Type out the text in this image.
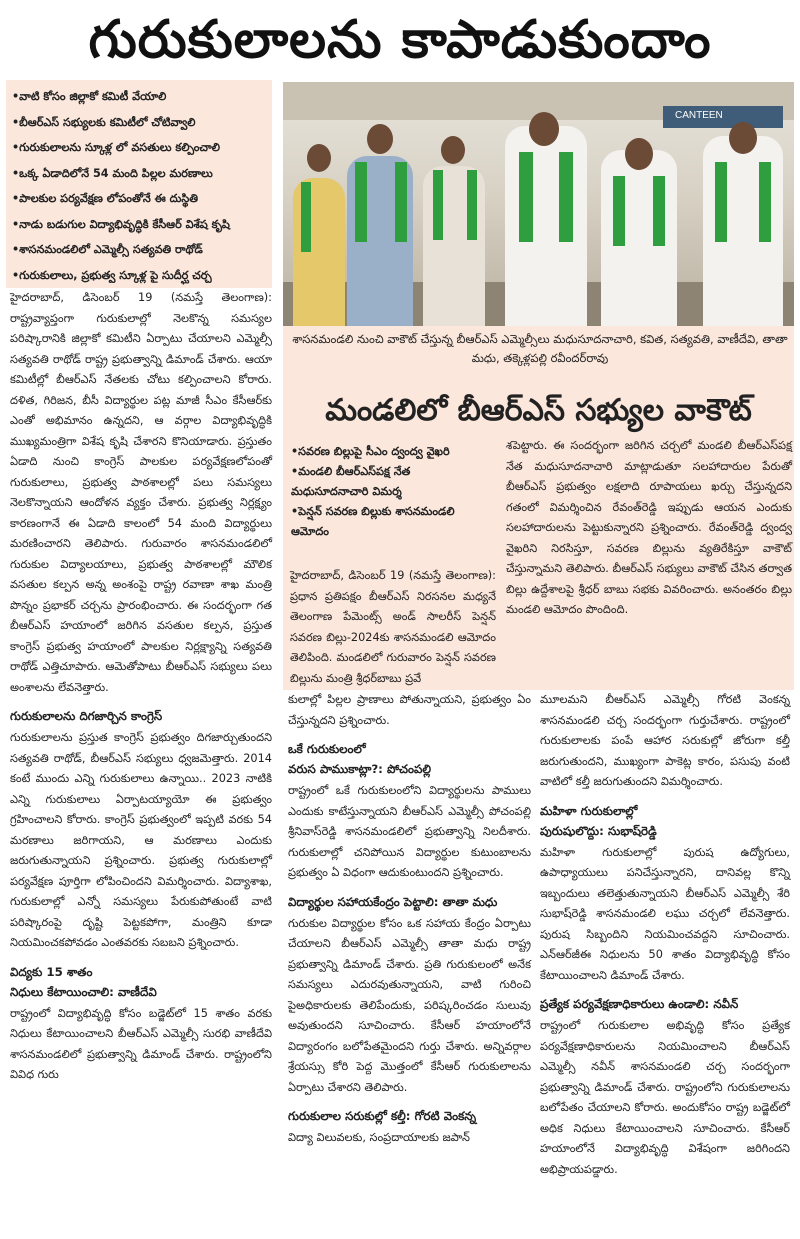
గురుకులాలను కాపాడుకుందాం
• వాటి కోసం జిల్లాకో కమిటీ వేయాలి
• బీఆర్ఎస్ సభ్యులకు కమిటీలో చోటివ్వాలి
• గురుకులాలను స్కూళ్ల లో వసతులు కల్పించాలి
• ఒక్క ఏడాదిలోనే 54 మంది పిల్లల మరణాలు
• పాలకుల పర్యవేక్షణ లోపంతోనే ఈ దుస్థితి
• నాడు బడుగుల విద్యాభివృద్ధికి కేసీఆర్ విశేష కృషి
• శాసనమండలిలో ఎమ్మెల్సీ సత్యవతి రాథోడ్
• గురుకులాలు, ప్రభుత్వ స్కూళ్ల పై సుదీర్ఘ చర్చ
CANTEEN
శాసనమండలి నుంచి వాకౌట్ చేస్తున్న బీఆర్ఎస్ ఎమ్మెల్సీలు మధుసూదనాచారి, కవిత, సత్యవతి, వాణీదేవి, తాతా మధు, తక్కెళ్లపల్లి రవీందర్‌రావు
మండలిలో బీఆర్ఎస్ సభ్యుల వాకౌట్
• సవరణ బిల్లుపై సీఎం ద్వంద్వ వైఖరి
• మండలి బీఆర్ఎస్‌పక్ష నేత మధుసూదనాచారి విమర్శ
• పెన్షన్ సవరణ బిల్లుకు శాసనమండలి ఆమోదం
హైదరాబాద్, డిసెంబర్ 19 (నమస్తే తెలంగాణ): ప్రధాన ప్రతిపక్షం బీఆర్ఎస్ నిరసనల మధ్యనే తెలంగాణ పేమెంట్స్ అండ్ సాలరీస్ పెన్షన్ సవరణ బిల్లు-2024కు శాసనమండలి ఆమోదం తెలిపింది. మండలిలో గురువారం పెన్షన్ సవరణ బిల్లును మంత్రి శ్రీధర్‌బాబు ప్రవే
శపెట్టారు. ఈ సందర్భంగా జరిగిన చర్చలో మండలి బీఆర్ఎస్‌పక్ష నేత మధుసూదనాచారి మాట్లాడుతూ సలహాదారుల పేరుతో బీఆర్ఎస్ ప్రభుత్వం లక్షలాది రూపాయలు ఖర్చు చేస్తున్నదని గతంలో విమర్శించిన రేవంత్‌రెడ్డి ఇప్పుడు ఆయన ఎందుకు సలహాదారులను పెట్టుకున్నారని ప్రశ్నించారు. రేవంత్‌రెడ్డి ద్వంద్వ వైఖరిని నిరసిస్తూ, సవరణ బిల్లును వ్యతిరేకిస్తూ వాకౌట్ చేస్తున్నామని తెలిపారు. బీఆర్ఎస్ సభ్యులు వాకౌట్ చేసిన తర్వాత బిల్లు ఉద్దేశాలపై శ్రీధర్ బాబు సభకు వివరించారు. అనంతరం బిల్లు మండలి ఆమోదం పొందింది.

హైదరాబాద్, డిసెంబర్ 19 (నమస్తే తెలంగాణ): రాష్ట్రవ్యాప్తంగా గురుకులాల్లో నెలకొన్న సమస్యల పరిష్కారానికి జిల్లాకో కమిటీని ఏర్పాటు చేయాలని ఎమ్మెల్సీ సత్యవతి రాథోడ్ రాష్ట్ర ప్రభుత్వాన్ని డిమాండ్ చేశారు. ఆయా కమిటీల్లో బీఆర్ఎస్ నేతలకు చోటు కల్పించాలని కోరారు. దళిత, గిరిజన, బీసీ విద్యార్థుల పట్ల మాజీ సీఎం కేసీఆర్‌కు ఎంతో అభిమానం ఉన్నదని, ఆ వర్గాల విద్యాభివృద్ధికి ముఖ్యమంత్రిగా విశేష కృషి చేశారని కొనియాడారు. ప్రస్తుతం ఏడాది నుంచి కాంగ్రెస్ పాలకుల పర్యవేక్షణలోపంతో గురుకులాలు, ప్రభుత్వ పాఠశాలల్లో పలు సమస్యలు నెలకొన్నాయని ఆందోళన వ్యక్తం చేశారు. ప్రభుత్వ నిర్లక్ష్యం కారణంగానే ఈ ఏడాది కాలంలో 54 మంది విద్యార్థులు మరణించారని తెలిపారు. గురువారం శాసనమండలిలో గురుకుల విద్యాలయాలు, ప్రభుత్వ పాఠశాలల్లో మౌలిక వసతుల కల్పన అన్న అంశంపై రాష్ట్ర రవాణా శాఖ మంత్రి పొన్నం ప్రభాకర్ చర్చను ప్రారంభించారు. ఈ సందర్భంగా గత బీఆర్ఎస్ హయాంలో జరిగిన వసతుల కల్పన, ప్రస్తుత కాంగ్రెస్ ప్రభుత్వ హయాంలో పాలకుల నిర్లక్ష్యాన్ని సత్యవతి రాథోడ్ ఎత్తిచూపారు. ఆమెతోపాటు బీఆర్ఎస్ సభ్యులు పలు అంశాలను లేవనెత్తారు.

గురుకులాలను దిగజార్చిన కాంగ్రెస్

గురుకులాలను ప్రస్తుత కాంగ్రెస్ ప్రభుత్వం దిగజార్చుతుందని సత్యవతి రాథోడ్, బీఆర్ఎస్ సభ్యులు ధ్వజమెత్తారు. 2014 కంటే ముందు ఎన్ని గురుకులాలు ఉన్నాయి.. 2023 నాటికి ఎన్ని గురుకులాలు ఏర్పాటయ్యాయో ఈ ప్రభుత్వం గ్రహించాలని కోరారు. కాంగ్రెస్ ప్రభుత్వంలో ఇప్పటి వరకు 54 మరణాలు జరిగాయని, ఆ మరణాలు ఎందుకు జరుగుతున్నాయని ప్రశ్నించారు. ప్రభుత్వ గురుకులాల్లో పర్యవేక్షణ పూర్తిగా లోపించిందని విమర్శించారు. విద్యాశాఖ, గురుకులాల్లో ఎన్నో సమస్యలు పేరుకుపోతుంటే వాటి పరిష్కారంపై దృష్టి పెట్టకపోగా, మంత్రిని కూడా నియమించకపోవడం ఎంతవరకు సబబని ప్రశ్నించారు.

విద్యకు 15 శాతం
నిధులు కేటాయించాలి: వాణీదేవి

రాష్ట్రంలో విద్యాభివృద్ధి కోసం బడ్జెట్‌లో 15 శాతం వరకు నిధులు కేటాయించాలని బీఆర్ఎస్ ఎమ్మెల్సీ సురభి వాణీదేవి శాసనమండలిలో ప్రభుత్వాన్ని డిమాండ్ చేశారు. రాష్ట్రంలోని వివిధ గురు

కులాల్లో పిల్లల ప్రాణాలు పోతున్నాయని, ప్రభుత్వం ఏం చేస్తున్నదని ప్రశ్నించారు.

ఒకే గురుకులంలో
వరుస పాముకాట్లా?: పోచంపల్లి

రాష్ట్రంలో ఒకే గురుకులంలోని విద్యార్థులను పాములు ఎందుకు కాటేస్తున్నాయని బీఆర్ఎస్ ఎమ్మెల్సీ పోచంపల్లి శ్రీనివాస్‌రెడ్డి శాసనమండలిలో ప్రభుత్వాన్ని నిలదీశారు. గురుకులాల్లో చనిపోయిన విద్యార్థుల కుటుంబాలను ప్రభుత్వం ఏ విధంగా ఆదుకుంటుందని ప్రశ్నించారు.

విద్యార్థుల సహాయకేంద్రం పెట్టాలి: తాతా మధు

గురుకుల విద్యార్థుల కోసం ఒక సహాయ కేంద్రం ఏర్పాటు చేయాలని బీఆర్ఎస్ ఎమ్మెల్సీ తాతా మధు రాష్ట్ర ప్రభుత్వాన్ని డిమాండ్ చేశారు. ప్రతి గురుకులంలో అనేక సమస్యలు ఎదురవుతున్నాయని, వాటి గురించి పైఅధికారులకు తెలిపేందుకు, పరిష్కరించడం సులువు అవుతుందని సూచించారు. కేసీఆర్ హయాంలోనే విద్యారంగం బలోపేతమైందని గుర్తు చేశారు. అన్నివర్గాల శ్రేయస్సు కోరి పెద్ద మొత్తంలో కేసీఆర్ గురుకులాలను ఏర్పాటు చేశారని తెలిపారు.

గురుకులాల సరుకుల్లో కల్తీ: గోరటి వెంకన్న

విద్యా విలువలకు, సంప్రదాయాలకు జపాన్

మూలమని బీఆర్ఎస్ ఎమ్మెల్సీ గోరటి వెంకన్న శాసనమండలి చర్చ సందర్భంగా గుర్తుచేశారు. రాష్ట్రంలో గురుకులాలకు పంపే ఆహార సరుకుల్లో జోరుగా కల్తీ జరుగుతుందని, ముఖ్యంగా పాకెట్ల కారం, పసుపు వంటి వాటిలో కల్తీ జరుగుతుందని విమర్శించారు.

మహిళా గురుకులాల్లో
పురుషులొద్దు: సుభాష్‌రెడ్డి

మహిళా గురుకులాల్లో పురుష ఉద్యోగులు, ఉపాధ్యాయులు పనిచేస్తున్నారని, దానివల్ల కొన్ని ఇబ్బందులు తలెత్తుతున్నాయని బీఆర్ఎస్ ఎమ్మెల్సీ శేరి సుభాష్‌రెడ్డి శాసనమండలి లఘు చర్చలో లేవనెత్తారు. పురుష సిబ్బందిని నియమించవద్దని సూచించారు. ఎన్ఆర్‌జీఈ నిధులను 50 శాతం విద్యాభివృద్ధి కోసం కేటాయించాలని డిమాండ్ చేశారు.

ప్రత్యేక పర్యవేక్షణాధికారులు ఉండాలి: నవీన్

రాష్ట్రంలో గురుకులాల అభివృద్ధి కోసం ప్రత్యేక పర్యవేక్షణాధికారులను నియమించాలని బీఆర్ఎస్ ఎమ్మెల్సీ నవీన్ శాసనమండలి చర్చ సందర్భంగా ప్రభుత్వాన్ని డిమాండ్ చేశారు. రాష్ట్రంలోని గురుకులాలను బలోపేతం చేయాలని కోరారు. అందుకోసం రాష్ట్ర బడ్జెట్‌లో అధిక నిధులు కేటాయించాలని సూచించారు. కేసీఆర్ హయాంలోనే విద్యాభివృద్ధి విశేషంగా జరిగిందని అభిప్రాయపడ్డారు.
